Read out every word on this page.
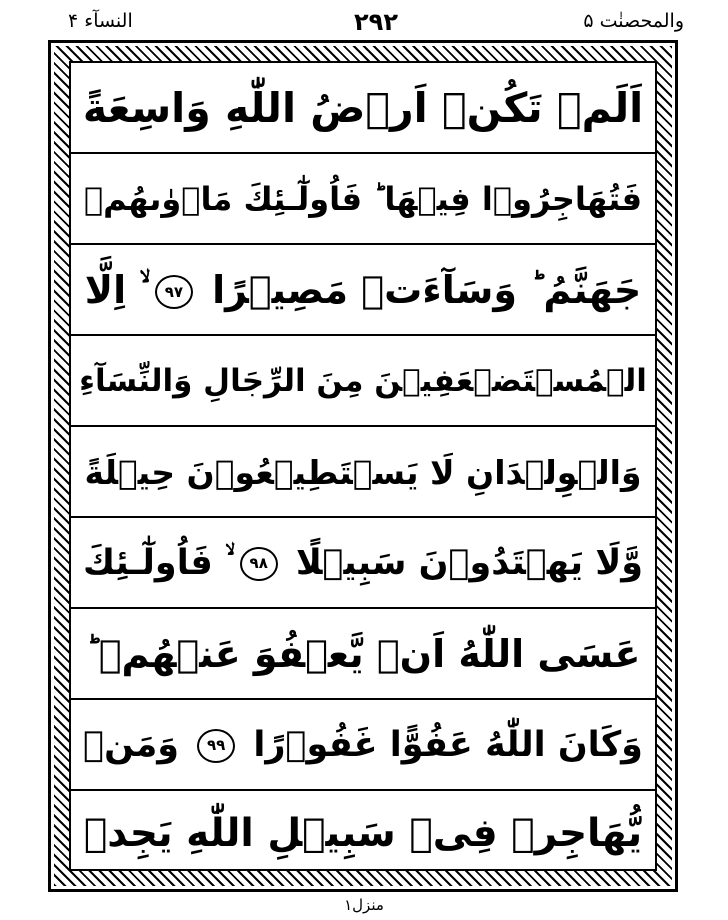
النسآء ۴	۲۹۲	والمحصنٰت ۵
اَلَمۡ تَكُنۡ اَرۡضُ اللّٰهِ وَاسِعَةً
فَتُهَاجِرُوۡا فِيۡهَا ؕ فَاُولٰٓـئِكَ مَاۡوٰٮهُمۡ
جَهَنَّمُ ؕ وَسَآءَتۡ مَصِيۡرًا ۹۷ ۙ اِلَّا
الۡمُسۡتَضۡعَفِيۡنَ مِنَ الرِّجَالِ وَالنِّسَآءِ
وَالۡوِلۡدَانِ لَا يَسۡتَطِيۡعُوۡنَ حِيۡلَةً
وَّلَا يَهۡتَدُوۡنَ سَبِيۡلًا ۹۸ ۙ فَاُولٰٓـئِكَ
عَسَى اللّٰهُ اَنۡ يَّعۡفُوَ عَنۡهُمۡ ؕ
وَكَانَ اللّٰهُ عَفُوًّا غَفُوۡرًا ۹۹ وَمَنۡ
يُّهَاجِرۡ فِىۡ سَبِيۡلِ اللّٰهِ يَجِدۡ
منزل۱
